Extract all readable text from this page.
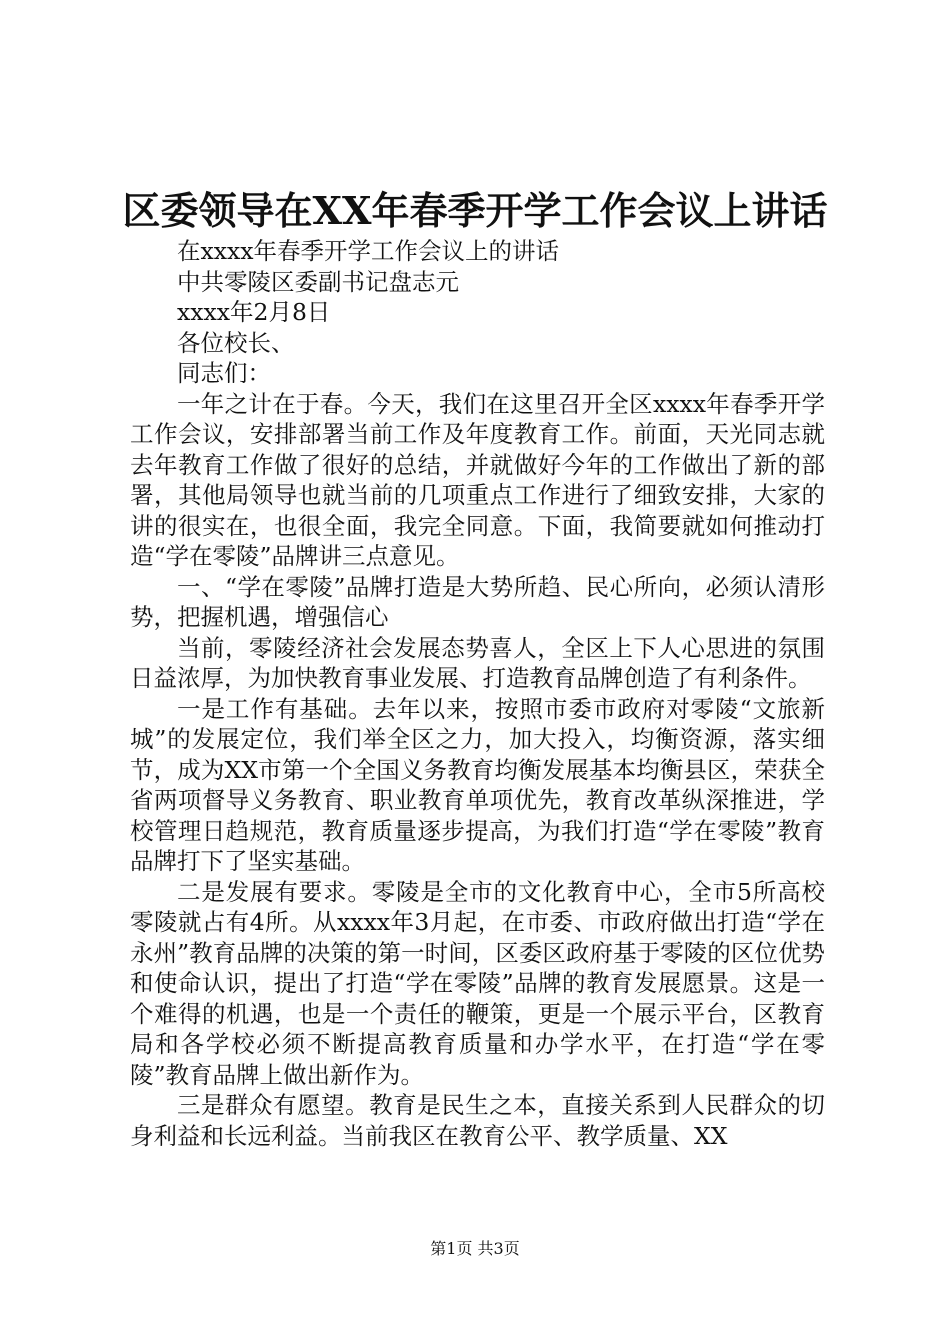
区委领导在XX年春季开学工作会议上讲话

在xxxx年春季开学工作会议上的讲话

中共零陵区委副书记盘志元

xxxx年2月8日

各位校长、

同志们：

一年之计在于春。今天，我们在这里召开全区xxxx年春季开学工作会议，安排部署当前工作及年度教育工作。前面，天光同志就去年教育工作做了很好的总结，并就做好今年的工作做出了新的部署，其他局领导也就当前的几项重点工作进行了细致安排，大家的讲的很实在，也很全面，我完全同意。下面，我简要就如何推动打造“学在零陵”品牌讲三点意见。

一、“学在零陵”品牌打造是大势所趋、民心所向，必须认清形势，把握机遇，增强信心

当前，零陵经济社会发展态势喜人，全区上下人心思进的氛围日益浓厚，为加快教育事业发展、打造教育品牌创造了有利条件。

一是工作有基础。去年以来，按照市委市政府对零陵“文旅新城”的发展定位，我们举全区之力，加大投入，均衡资源，落实细节，成为XX市第一个全国义务教育均衡发展基本均衡县区，荣获全省两项督导义务教育、职业教育单项优先，教育改革纵深推进，学校管理日趋规范，教育质量逐步提高，为我们打造“学在零陵”教育品牌打下了坚实基础。

二是发展有要求。零陵是全市的文化教育中心，全市5所高校零陵就占有4所。从xxxx年3月起，在市委、市政府做出打造“学在永州”教育品牌的决策的第一时间，区委区政府基于零陵的区位优势和使命认识，提出了打造“学在零陵”品牌的教育发展愿景。这是一个难得的机遇，也是一个责任的鞭策，更是一个展示平台，区教育局和各学校必须不断提高教育质量和办学水平，在打造“学在零陵”教育品牌上做出新作为。

三是群众有愿望。教育是民生之本，直接关系到人民群众的切身利益和长远利益。当前我区在教育公平、教学质量、XX

第1页 共3页
